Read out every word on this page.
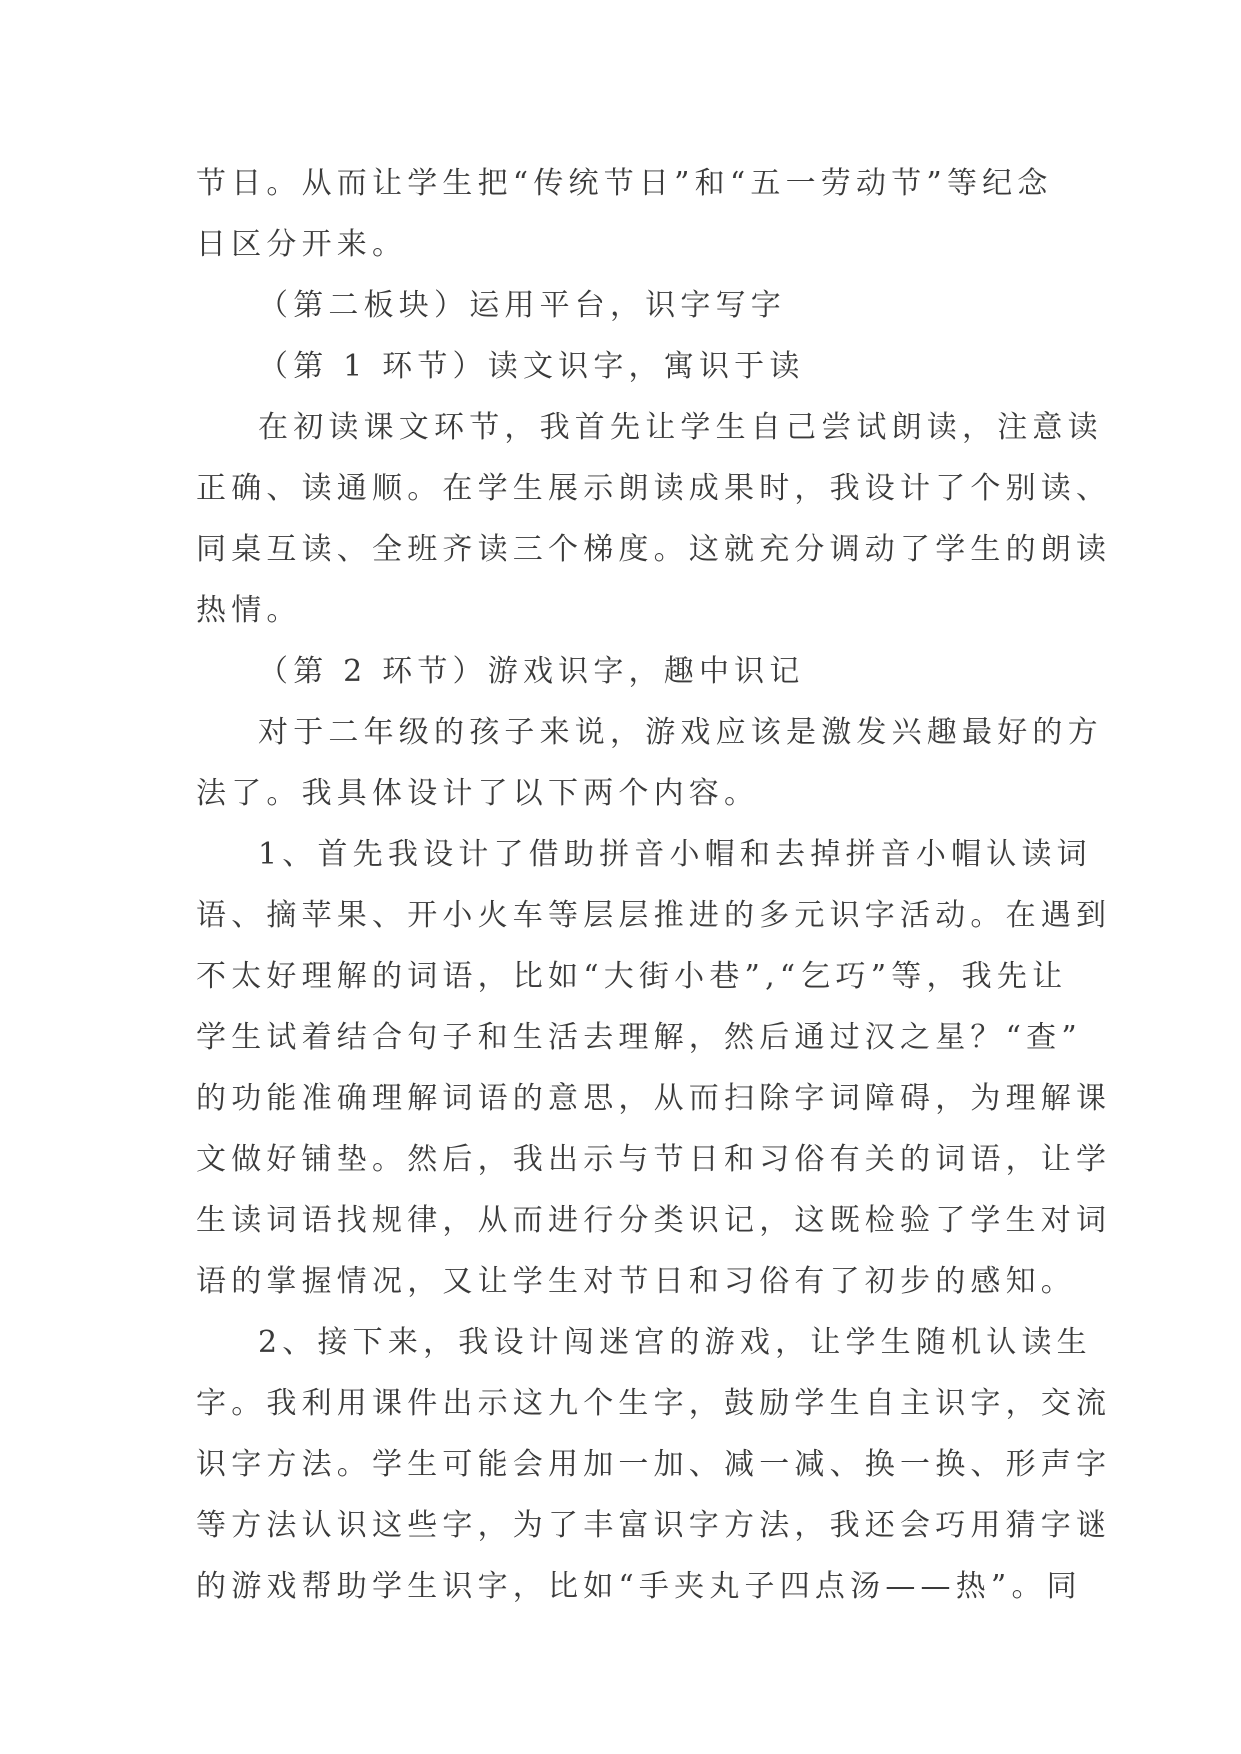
节日。从而让学生把“传统节日”和“五一劳动节”等纪念
日区分开来。
（第二板块）运用平台，识字写字
（第 1 环节）读文识字，寓识于读
在初读课文环节，我首先让学生自己尝试朗读，注意读
正确、读通顺。在学生展示朗读成果时，我设计了个别读、
同桌互读、全班齐读三个梯度。这就充分调动了学生的朗读
热情。
（第 2 环节）游戏识字，趣中识记
对于二年级的孩子来说，游戏应该是激发兴趣最好的方
法了。我具体设计了以下两个内容。
1、首先我设计了借助拼音小帽和去掉拼音小帽认读词
语、摘苹果、开小火车等层层推进的多元识字活动。在遇到
不太好理解的词语，比如“大街小巷”,“乞巧”等，我先让
学生试着结合句子和生活去理解，然后通过汉之星？“查”
的功能准确理解词语的意思，从而扫除字词障碍，为理解课
文做好铺垫。然后，我出示与节日和习俗有关的词语，让学
生读词语找规律，从而进行分类识记，这既检验了学生对词
语的掌握情况，又让学生对节日和习俗有了初步的感知。
2、接下来，我设计闯迷宫的游戏，让学生随机认读生
字。我利用课件出示这九个生字，鼓励学生自主识字，交流
识字方法。学生可能会用加一加、减一减、换一换、形声字
等方法认识这些字，为了丰富识字方法，我还会巧用猜字谜
的游戏帮助学生识字，比如“手夹丸子四点汤——热”。同
